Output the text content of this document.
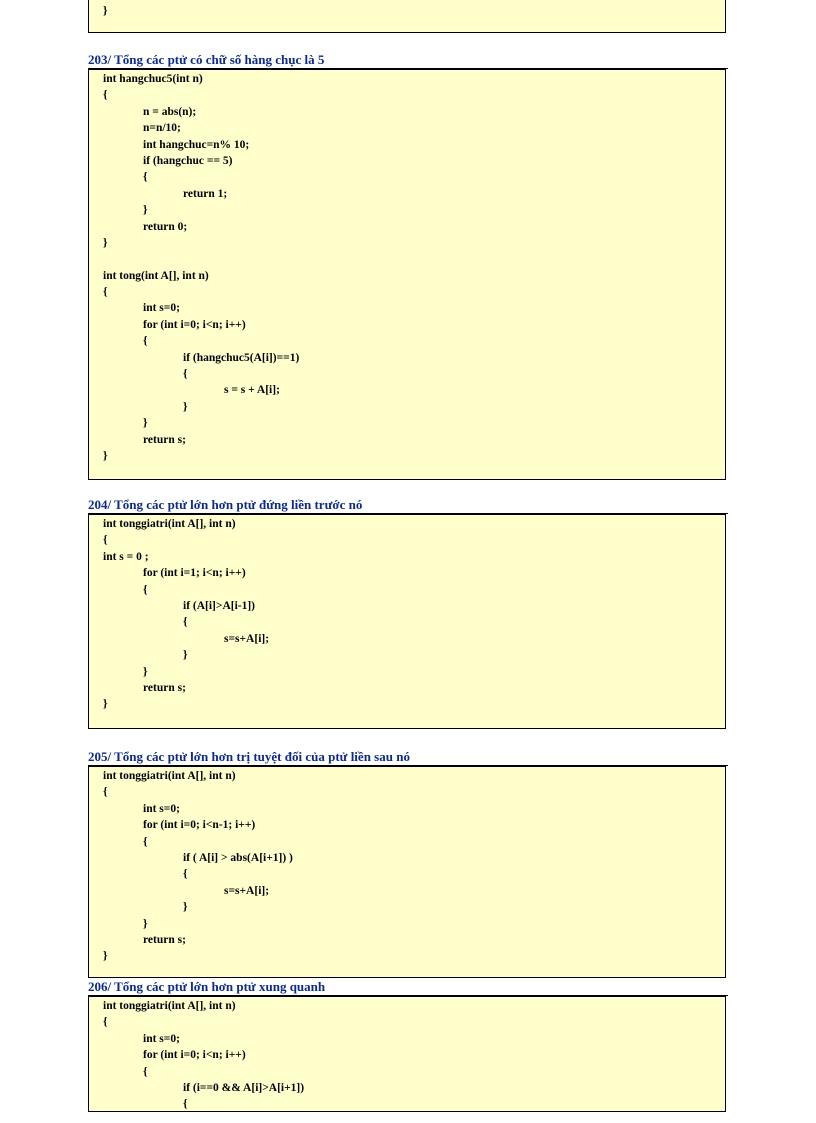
}
203/ Tổng các ptử có chữ số hàng chục là 5
int hangchuc5(int n)
{
n = abs(n);
n=n/10;
int hangchuc=n% 10;
if (hangchuc == 5)
{
return 1;
}
return 0;
}
int tong(int A[], int n)
{
int s=0;
for (int i=0; i<n; i++)
{
if (hangchuc5(A[i])==1)
{
s = s + A[i];
}
}
return s;
}
204/ Tổng các ptử lớn hơn ptử đứng liền trước nó
int tonggiatri(int A[], int n)
{
int s = 0 ;
for (int i=1; i<n; i++)
{
if (A[i]>A[i-1])
{
s=s+A[i];
}
}
return s;
}
205/ Tổng các ptử lớn hơn trị tuyệt đối của ptử liền sau nó
int tonggiatri(int A[], int n)
{
int s=0;
for (int i=0; i<n-1; i++)
{
if ( A[i] > abs(A[i+1]) )
{
s=s+A[i];
}
}
return s;
}
206/ Tổng các ptử lớn hơn ptử xung quanh
int tonggiatri(int A[], int n)
{
int s=0;
for (int i=0; i<n; i++)
{
if (i==0 && A[i]>A[i+1])
{
